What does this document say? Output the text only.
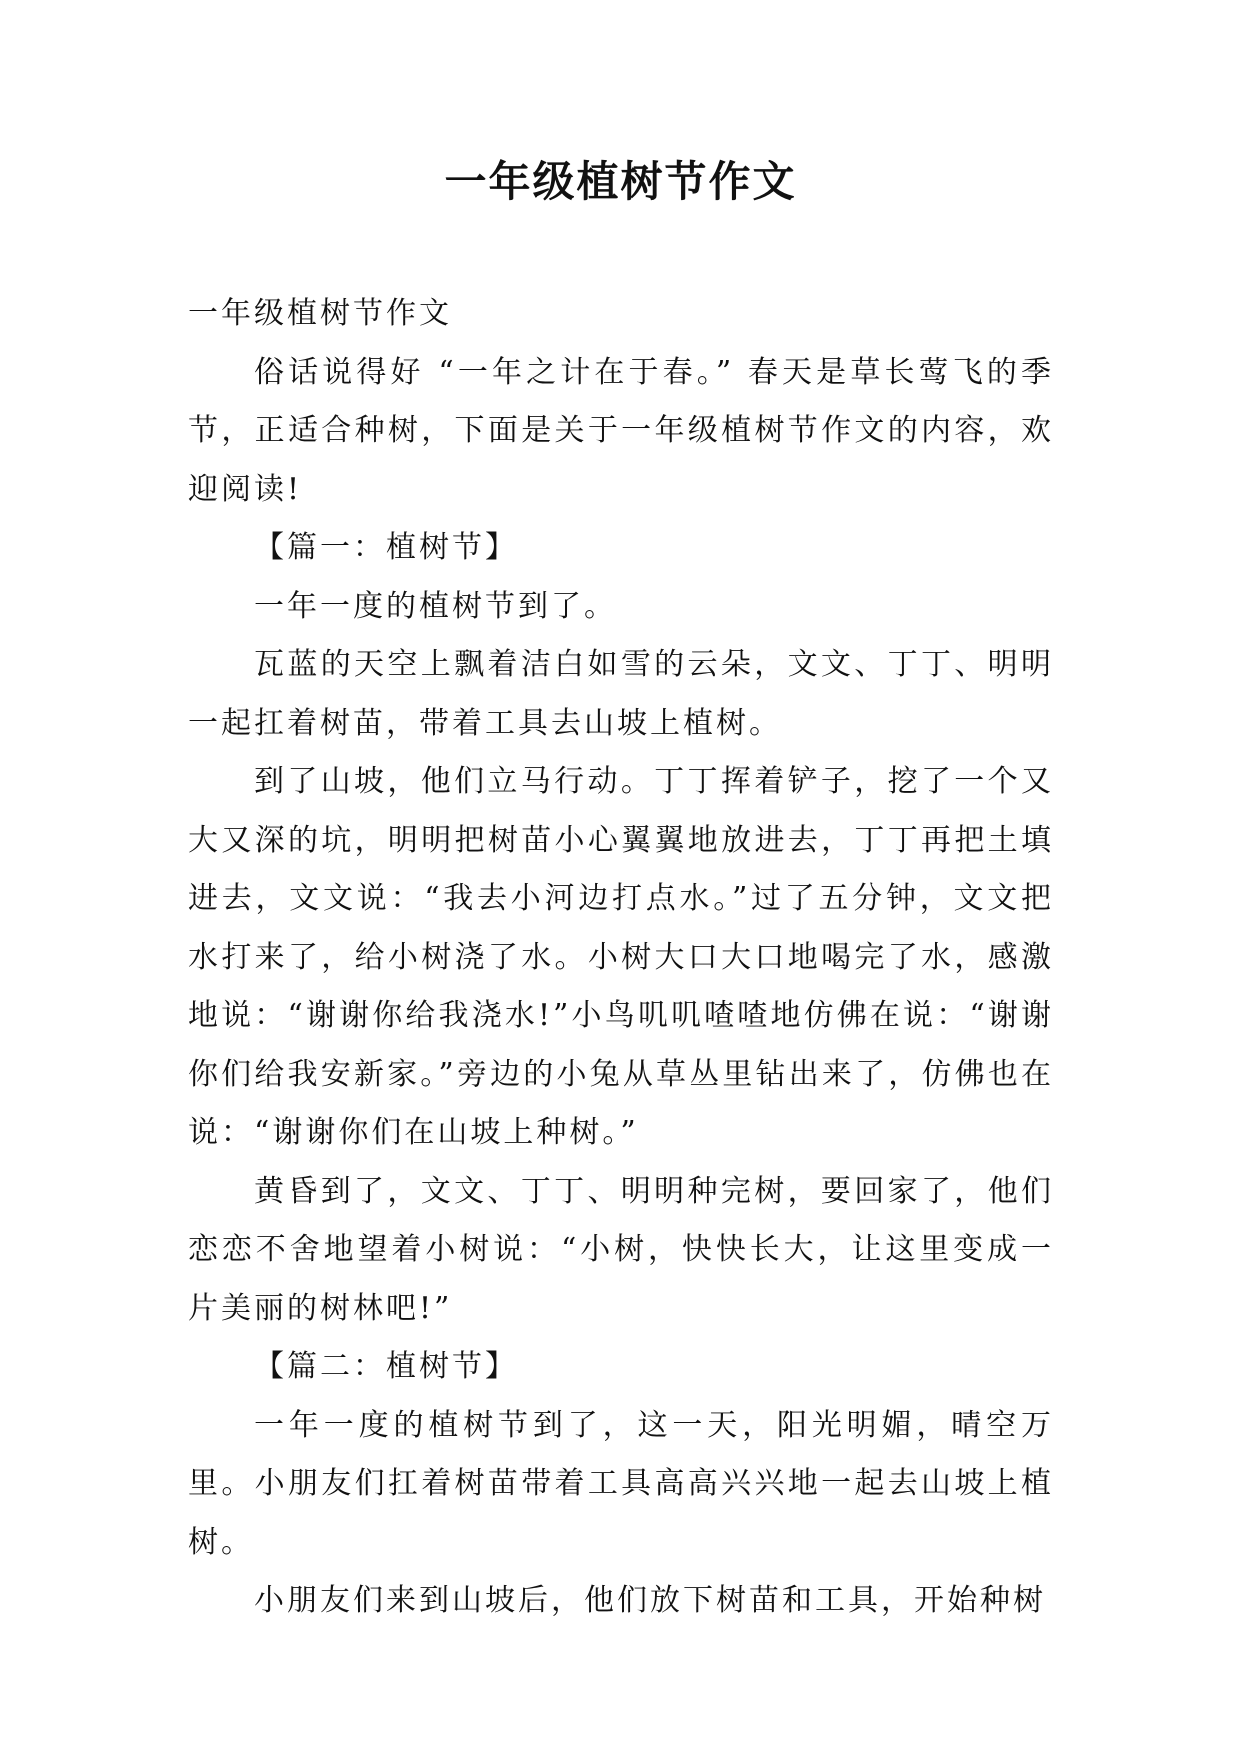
一年级植树节作文

一年级植树节作文

俗话说得好 “一年之计在于春。” 春天是草长莺飞的季节，正适合种树，下面是关于一年级植树节作文的内容，欢迎阅读!

【篇一：植树节】

一年一度的植树节到了。

瓦蓝的天空上飘着洁白如雪的云朵，文文、丁丁、明明一起扛着树苗，带着工具去山坡上植树。

到了山坡，他们立马行动。丁丁挥着铲子，挖了一个又大又深的坑，明明把树苗小心翼翼地放进去，丁丁再把土填进去，文文说：“我去小河边打点水。”过了五分钟，文文把水打来了，给小树浇了水。小树大口大口地喝完了水，感激地说：“谢谢你给我浇水!”小鸟叽叽喳喳地仿佛在说：“谢谢你们给我安新家。”旁边的小兔从草丛里钻出来了，仿佛也在说：“谢谢你们在山坡上种树。”

黄昏到了，文文、丁丁、明明种完树，要回家了，他们恋恋不舍地望着小树说：“小树，快快长大，让这里变成一片美丽的树林吧!”

【篇二：植树节】

一年一度的植树节到了，这一天，阳光明媚，晴空万里。小朋友们扛着树苗带着工具高高兴兴地一起去山坡上植树。

小朋友们来到山坡后，他们放下树苗和工具，开始种树
